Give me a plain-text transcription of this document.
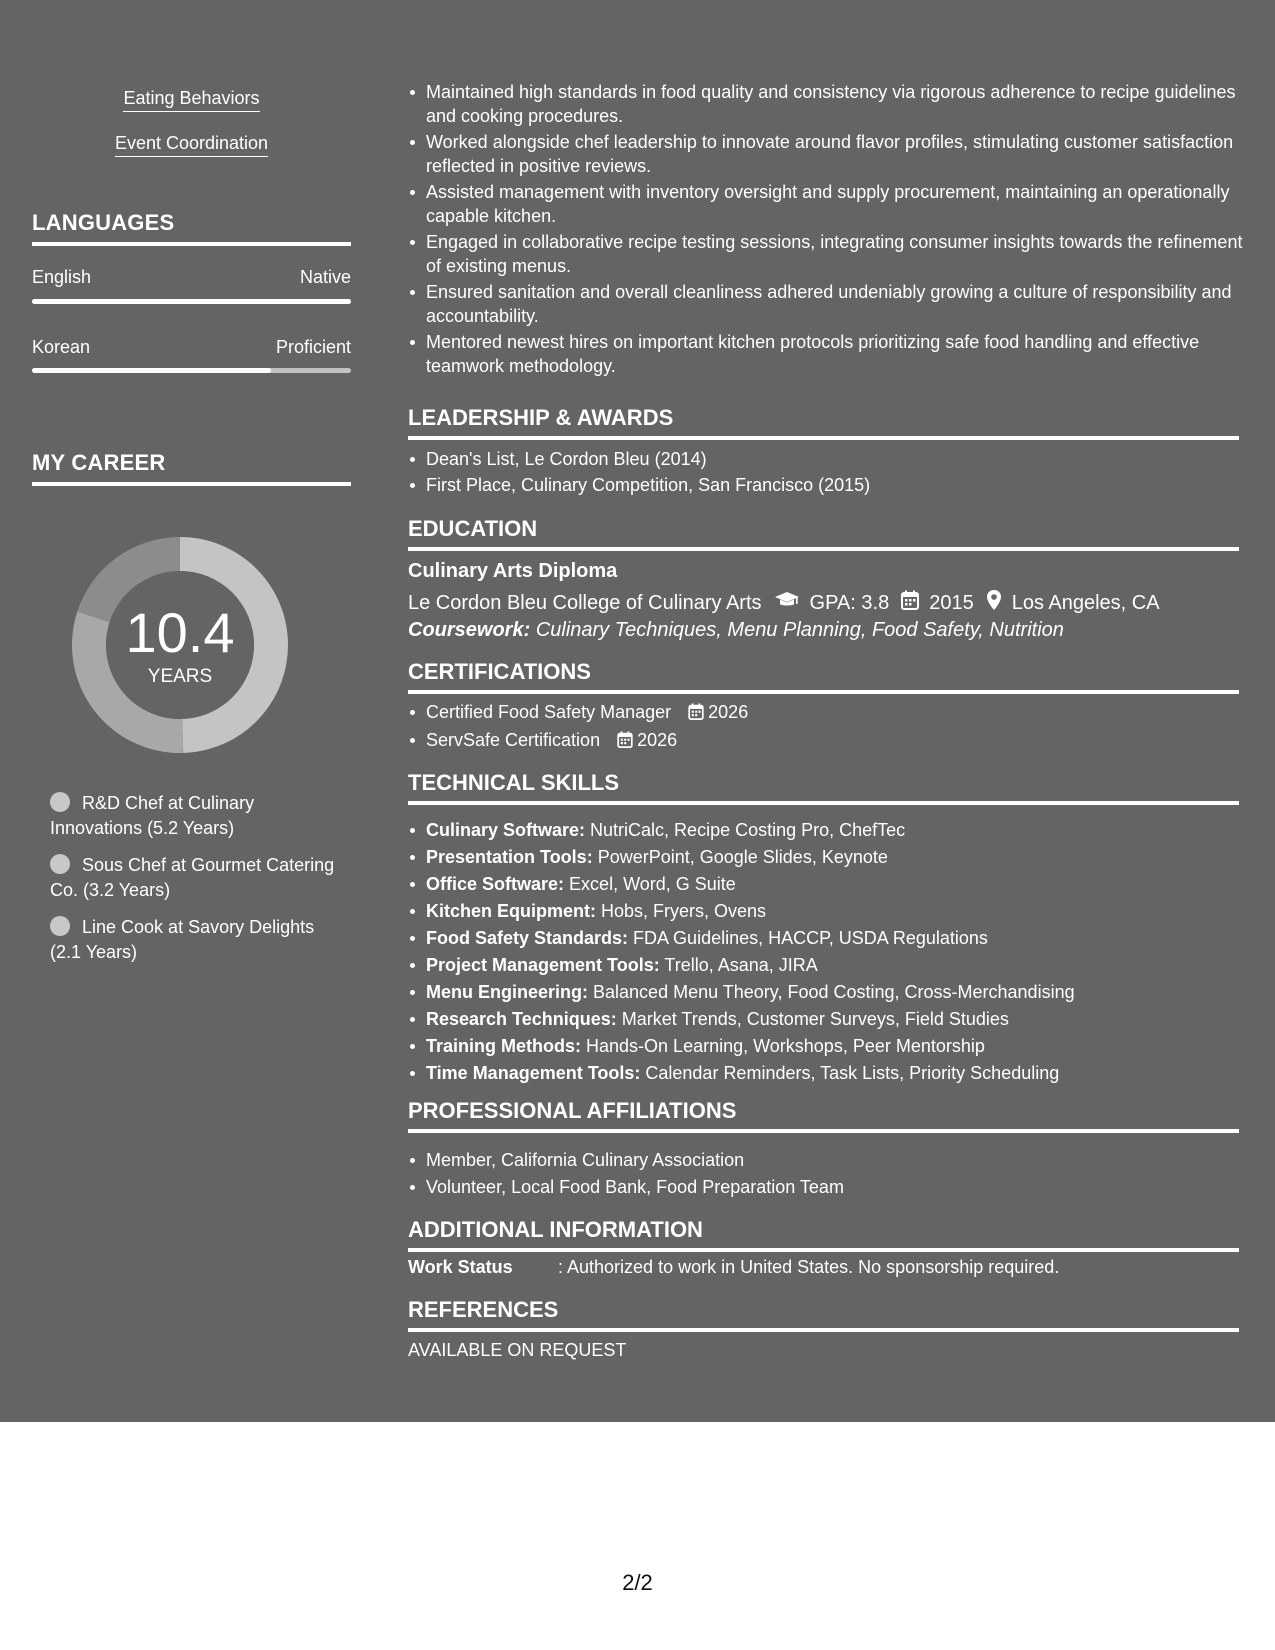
Eating Behaviors
Event Coordination
LANGUAGES
English	Native
Korean	Proficient
MY CAREER
10.4
YEARS
R&D Chef at Culinary Innovations (5.2 Years)
Sous Chef at Gourmet Catering Co. (3.2 Years)
Line Cook at Savory Delights (2.1 Years)
Maintained high standards in food quality and consistency via rigorous adherence to recipe guidelines and cooking procedures.
Worked alongside chef leadership to innovate around flavor profiles, stimulating customer satisfaction reflected in positive reviews.
Assisted management with inventory oversight and supply procurement, maintaining an operationally capable kitchen.
Engaged in collaborative recipe testing sessions, integrating consumer insights towards the refinement of existing menus.
Ensured sanitation and overall cleanliness adhered undeniably growing a culture of responsibility and accountability.
Mentored newest hires on important kitchen protocols prioritizing safe food handling and effective teamwork methodology.
LEADERSHIP & AWARDS
Dean's List, Le Cordon Bleu (2014)
First Place, Culinary Competition, San Francisco (2015)
EDUCATION
Culinary Arts Diploma
Le Cordon Bleu College of Culinary Arts GPA: 3.8 2015 Los Angeles, CA
Coursework: Culinary Techniques, Menu Planning, Food Safety, Nutrition
CERTIFICATIONS
Certified Food Safety Manager 2026
ServSafe Certification 2026
TECHNICAL SKILLS
Culinary Software: NutriCalc, Recipe Costing Pro, ChefTec
Presentation Tools: PowerPoint, Google Slides, Keynote
Office Software: Excel, Word, G Suite
Kitchen Equipment: Hobs, Fryers, Ovens
Food Safety Standards: FDA Guidelines, HACCP, USDA Regulations
Project Management Tools: Trello, Asana, JIRA
Menu Engineering: Balanced Menu Theory, Food Costing, Cross-Merchandising
Research Techniques: Market Trends, Customer Surveys, Field Studies
Training Methods: Hands-On Learning, Workshops, Peer Mentorship
Time Management Tools: Calendar Reminders, Task Lists, Priority Scheduling
PROFESSIONAL AFFILIATIONS
Member, California Culinary Association
Volunteer, Local Food Bank, Food Preparation Team
ADDITIONAL INFORMATION
Work Status	: Authorized to work in United States. No sponsorship required.
REFERENCES
AVAILABLE ON REQUEST
2/2
